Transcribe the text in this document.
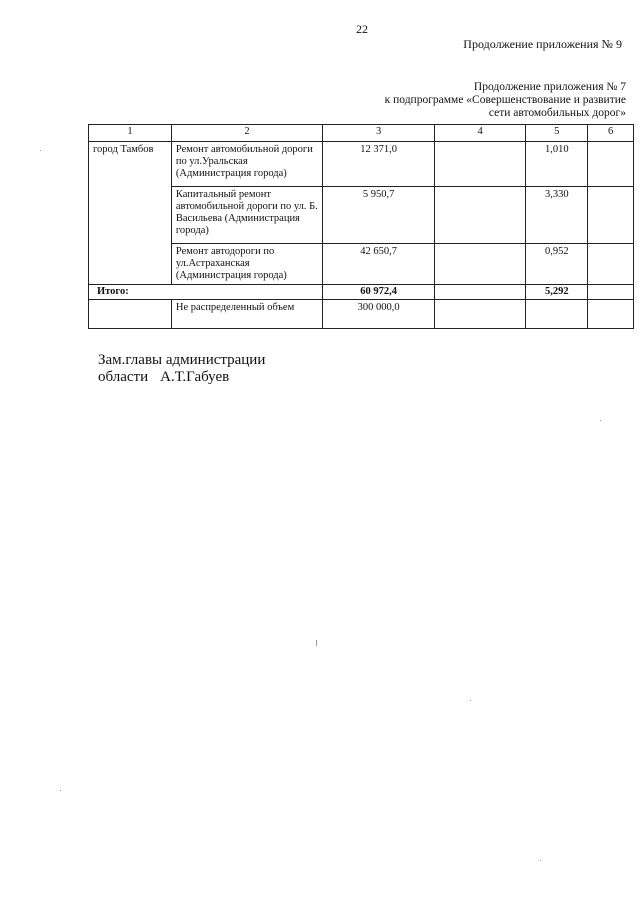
22
Продолжение приложения № 9
Продолжение приложения № 7
к подпрограмме «Совершенствование и развитие
сети автомобильных дорог»
1	2	3	4	5	6
город Тамбов	Ремонт автомобильной дороги по ул.Уральская (Администрация города)	12 371,0		1,010	
	Капитальный ремонт автомобильной дороги по ул. Б. Васильева (Администрация города)	5 950,7		3,330	
	Ремонт автодороги по ул.Астраханская (Администрация города)	42 650,7		0,952	
Итого:		60 972,4		5,292	
	Не распределенный объем	300 000,0			
Зам.главы администрации
области А.Т.Габуев
